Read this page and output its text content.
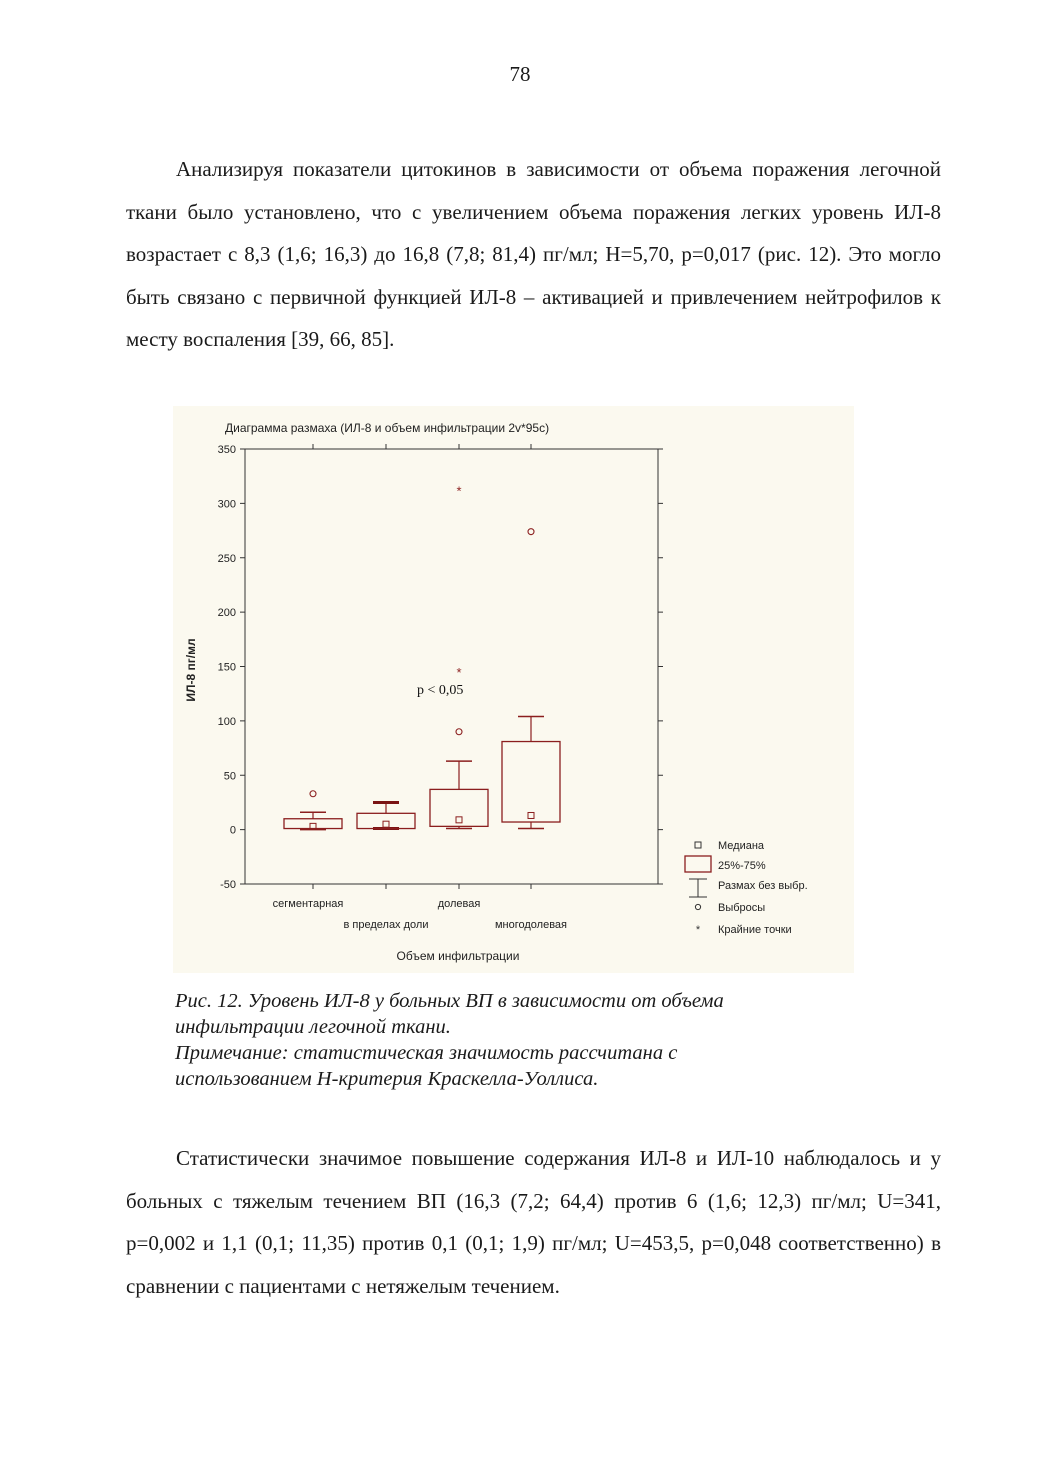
78

Анализируя показатели цитокинов в зависимости от объема поражения легочной ткани было установлено, что с увеличением объема поражения легких уровень ИЛ-8 возрастает с 8,3 (1,6; 16,3) до 16,8 (7,8; 81,4) пг/мл; H=5,70, p=0,017 (рис. 12). Это могло быть связано с первичной функцией ИЛ-8 – активацией и привлечением нейтрофилов к месту воспаления [39, 66, 85].

Диаграмма размаха (ИЛ-8 и объем инфильтрации 2v*95c)
ИЛ-8 пг/мл
Объем инфильтрации
p < 0,05
350
300
250
200
150
100
50
0
-50
сегментарная
в пределах доли
долевая
многодолевая
*
*
*
Медиана
25%-75%
Размах без выбр.
Выбросы
Крайние точки
Рис. 12. Уровень ИЛ-8 у больных ВП в зависимости от объема
инфильтрации легочной ткани.
Примечание: статистическая значимость рассчитана с
использованием Н-критерия Краскелла-Уоллиса.

Статистически значимое повышение содержания ИЛ-8 и ИЛ-10 наблюдалось и у больных с тяжелым течением ВП (16,3 (7,2; 64,4) против 6 (1,6; 12,3) пг/мл; U=341, p=0,002 и 1,1 (0,1; 11,35) против 0,1 (0,1; 1,9) пг/мл; U=453,5, p=0,048 соответственно) в сравнении с пациентами с нетяжелым течением.
